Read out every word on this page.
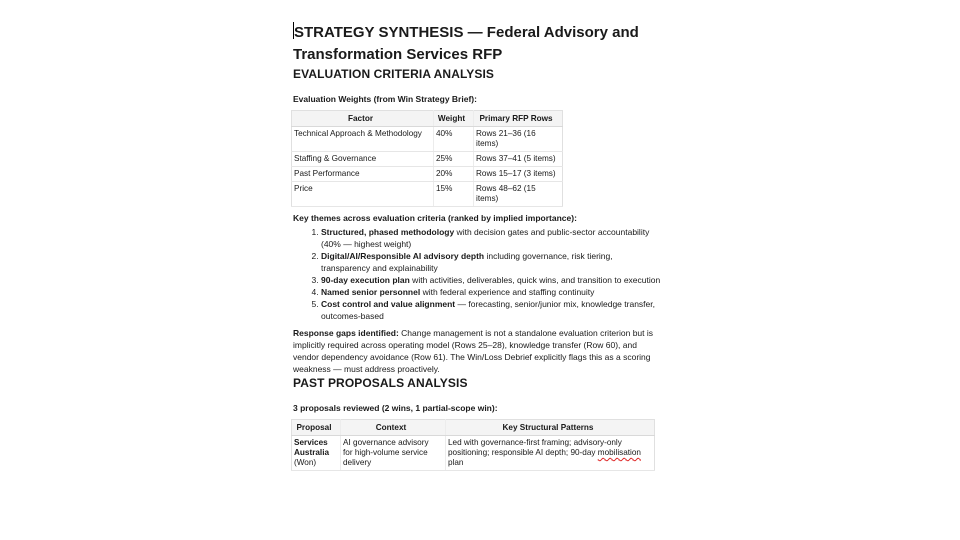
STRATEGY SYNTHESIS — Federal Advisory and
Transformation Services RFP
EVALUATION CRITERIA ANALYSIS
Evaluation Weights (from Win Strategy Brief):
Factor	Weight	Primary RFP Rows
Technical Approach & Methodology	40%	Rows 21–36 (16 items)
Staffing & Governance	25%	Rows 37–41 (5 items)
Past Performance	20%	Rows 15–17 (3 items)
Price	15%	Rows 48–62 (15 items)
Key themes across evaluation criteria (ranked by implied importance):
1. Structured, phased methodology with decision gates and public-sector accountability (40% — highest weight)
2. Digital/AI/Responsible AI advisory depth including governance, risk tiering, transparency and explainability
3. 90-day execution plan with activities, deliverables, quick wins, and transition to execution
4. Named senior personnel with federal experience and staffing continuity
5. Cost control and value alignment — forecasting, senior/junior mix, knowledge transfer, outcomes-based
Response gaps identified: Change management is not a standalone evaluation criterion but is implicitly required across operating model (Rows 25–28), knowledge transfer (Row 60), and vendor dependency avoidance (Row 61). The Win/Loss Debrief explicitly flags this as a scoring weakness — must address proactively.
PAST PROPOSALS ANALYSIS
3 proposals reviewed (2 wins, 1 partial-scope win):
Proposal	Context	Key Structural Patterns
Services Australia
(Won)	AI governance advisory for high-volume service delivery	Led with governance-first framing; advisory-only positioning; responsible AI depth; 90-day mobilisation plan
